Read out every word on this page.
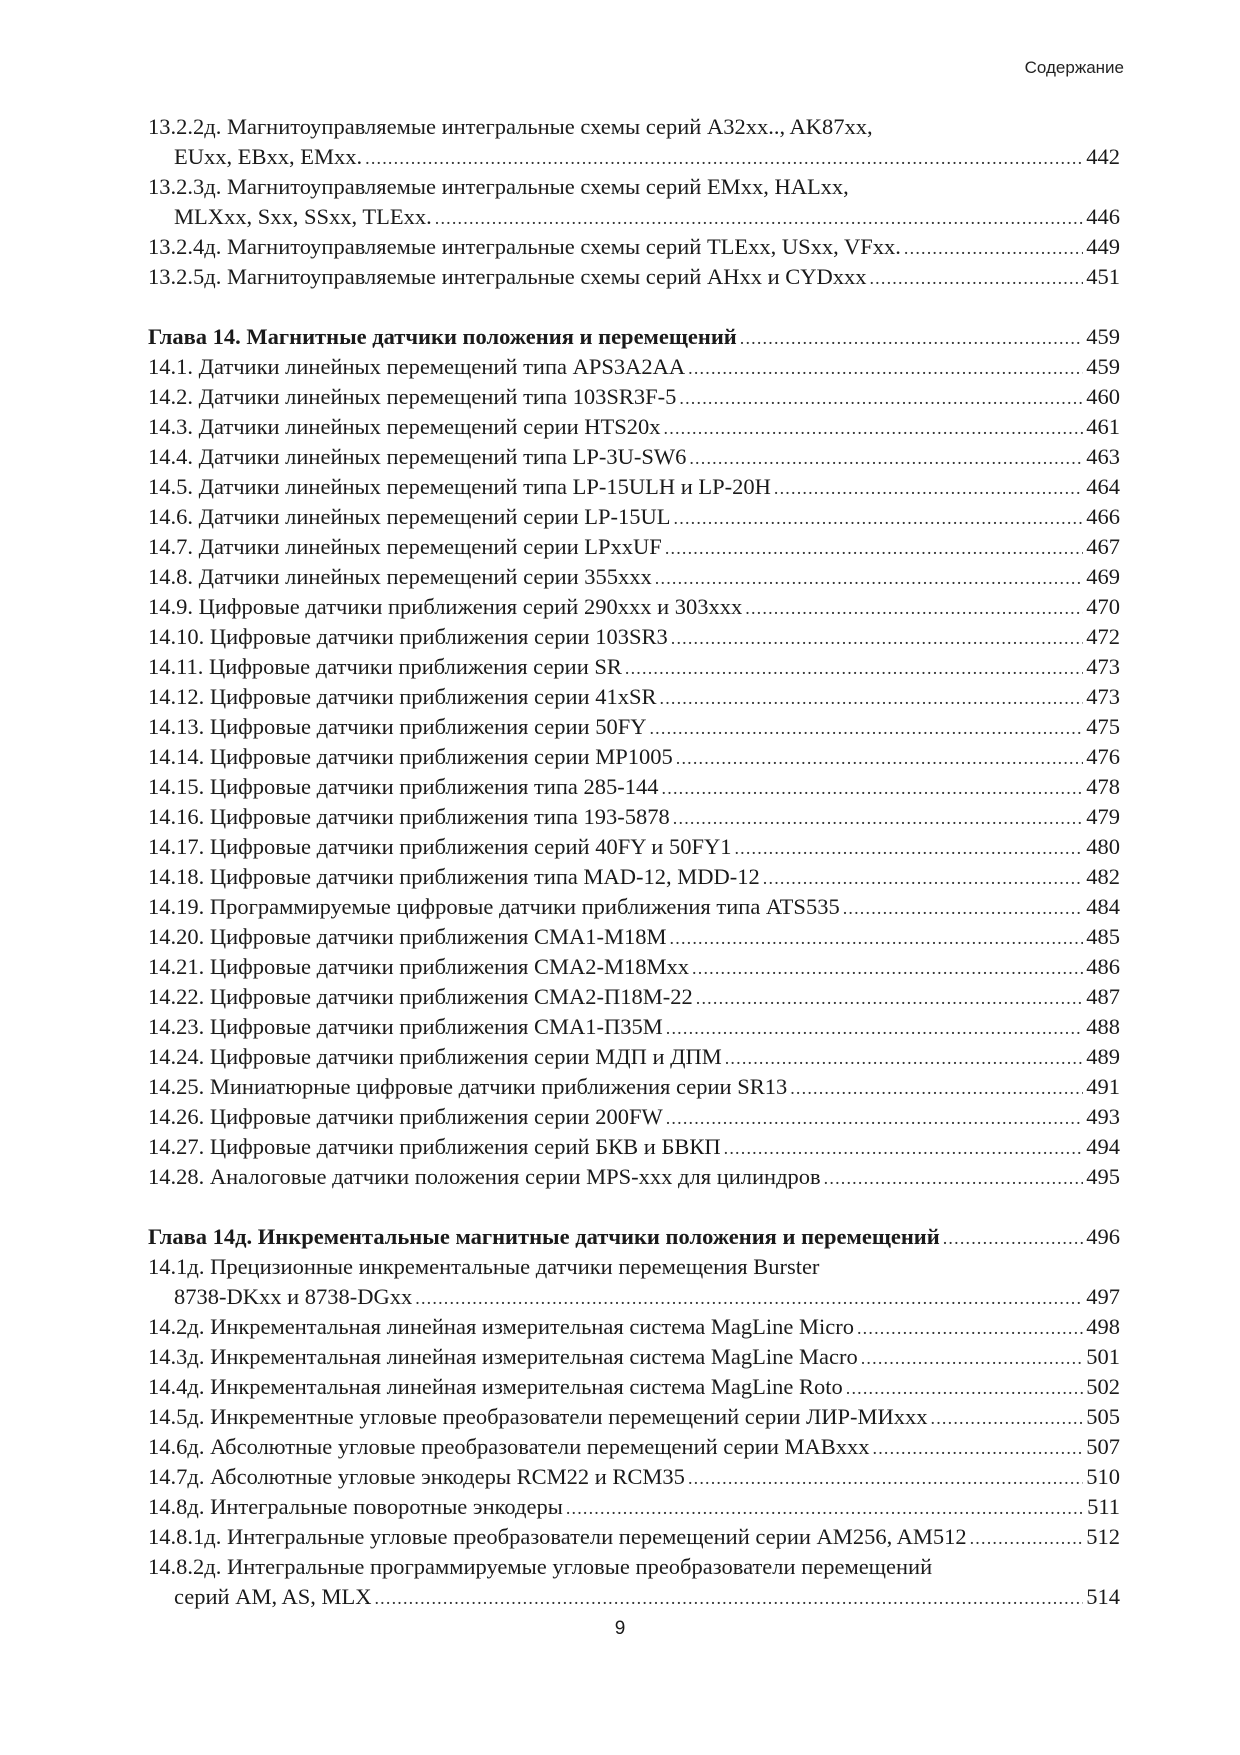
Содержание
13.2.2д. Магнитоуправляемые интегральные схемы серий A32xx.., AK87xx,
EUxx, EBxx, EMxx. .....	442
13.2.3д. Магнитоуправляемые интегральные схемы серий EMxx, HALxx,
MLXxx, Sxx, SSxx, TLExx. .....	446
13.2.4д. Магнитоуправляемые интегральные схемы серий TLExx, USxx, VFxx. .....	449
13.2.5д. Магнитоуправляемые интегральные схемы серий AHxx и CYDxxx .....	451
Глава 14. Магнитные датчики положения и перемещений .....	459
14.1. Датчики линейных перемещений типа APS3A2AA .....	459
14.2. Датчики линейных перемещений типа 103SR3F-5 .....	460
14.3. Датчики линейных перемещений серии HTS20x .....	461
14.4. Датчики линейных перемещений типа LP-3U-SW6 .....	463
14.5. Датчики линейных перемещений типа LP-15ULH и LP-20H .....	464
14.6. Датчики линейных перемещений серии LP-15UL .....	466
14.7. Датчики линейных перемещений серии LPxxUF .....	467
14.8. Датчики линейных перемещений серии 355xxx .....	469
14.9. Цифровые датчики приближения серий 290xxx и 303xxx .....	470
14.10. Цифровые датчики приближения серии 103SR3 .....	472
14.11. Цифровые датчики приближения серии SR .....	473
14.12. Цифровые датчики приближения серии 41xSR .....	473
14.13. Цифровые датчики приближения серии 50FY .....	475
14.14. Цифровые датчики приближения серии MP1005 .....	476
14.15. Цифровые датчики приближения типа 285-144 .....	478
14.16. Цифровые датчики приближения типа 193-5878 .....	479
14.17. Цифровые датчики приближения серий 40FY и 50FY1 .....	480
14.18. Цифровые датчики приближения типа MAD-12, MDD-12 .....	482
14.19. Программируемые цифровые датчики приближения типа ATS535 .....	484
14.20. Цифровые датчики приближения CMA1-M18M .....	485
14.21. Цифровые датчики приближения CMA2-M18Mxx .....	486
14.22. Цифровые датчики приближения CMA2-П18M-22 .....	487
14.23. Цифровые датчики приближения CMA1-П35M .....	488
14.24. Цифровые датчики приближения серии МДП и ДПМ .....	489
14.25. Миниатюрные цифровые датчики приближения серии SR13 .....	491
14.26. Цифровые датчики приближения серии 200FW .....	493
14.27. Цифровые датчики приближения серий БКВ и БВКП .....	494
14.28. Аналоговые датчики положения серии MPS-xxx для цилиндров .....	495
Глава 14д. Инкрементальные магнитные датчики положения и перемещений .....	496
14.1д. Прецизионные инкрементальные датчики перемещения Burster
8738-DKxx и 8738-DGxx .....	497
14.2д. Инкрементальная линейная измерительная система MagLine Micro .....	498
14.3д. Инкрементальная линейная измерительная система MagLine Macro .....	501
14.4д. Инкрементальная линейная измерительная система MagLine Roto .....	502
14.5д. Инкрементные угловые преобразователи перемещений серии ЛИР-МИxxx .....	505
14.6д. Абсолютные угловые преобразователи перемещений серии MABxxx .....	507
14.7д. Абсолютные угловые энкодеры RCM22 и RCM35 .....	510
14.8д. Интегральные поворотные энкодеры .....	511
14.8.1д. Интегральные угловые преобразователи перемещений серии AM256, AM512 .....	512
14.8.2д. Интегральные программируемые угловые преобразователи перемещений
серий AM, AS, MLX .....	514
9
